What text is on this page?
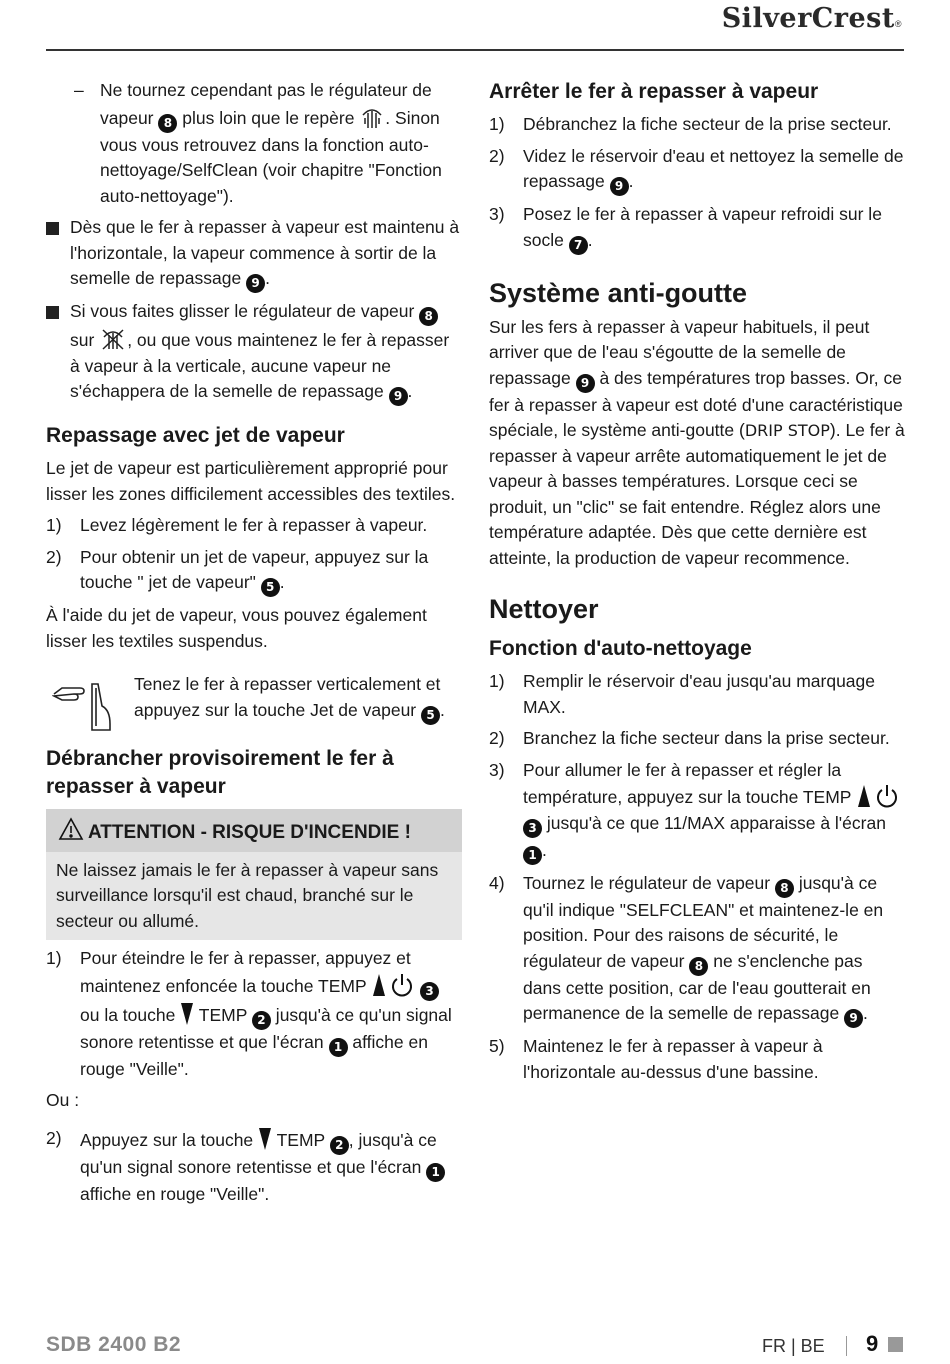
SilverCrest®
– Ne tournez cependant pas le régulateur de vapeur 8 plus loin que le repère . Sinon vous vous retrouvez dans la fonction auto-nettoyage/SelfClean (voir chapitre "Fonction auto-nettoyage").
Dès que le fer à repasser à vapeur est maintenu à l'horizontale, la vapeur commence à sortir de la semelle de repassage 9 .
Si vous faites glisser le régulateur de vapeur 8 sur , ou que vous maintenez le fer à repasser à vapeur à la verticale, aucune vapeur ne s'échappera de la semelle de repassage 9 .
Repassage avec jet de vapeur

Le jet de vapeur est particulièrement approprié pour lisser les zones difficilement accessibles des textiles.

1) Levez légèrement le fer à repasser à vapeur.
2) Pour obtenir un jet de vapeur, appuyez sur la touche " jet de vapeur" 5 .

À l'aide du jet de vapeur, vous pouvez également lisser les textiles suspendus.

Tenez le fer à repasser verticalement et appuyez sur la touche Jet de vapeur 5 .
Débrancher provisoirement le fer à repasser à vapeur
ATTENTION - RISQUE D'INCENDIE !
Ne laissez jamais le fer à repasser à vapeur sans surveillance lorsqu'il est chaud, branché sur le secteur ou allumé.
1) Pour éteindre le fer à repasser, appuyez et maintenez enfoncée la touche TEMP	3 ou la touche  TEMP 2 jusqu'à ce qu'un signal sonore retentisse et que l'écran 1 affiche en rouge "Veille".

Ou :

2) Appuyez sur la touche  TEMP 2 , jusqu'à ce qu'un signal sonore retentisse et que l'écran 1 affiche en rouge "Veille".
Arrêter le fer à repasser à vapeur
1) Débranchez la fiche secteur de la prise secteur.
2) Videz le réservoir d'eau et nettoyez la semelle de repassage 9 .
3) Posez le fer à repasser à vapeur refroidi sur le socle 7 .
Système anti-goutte

Sur les fers à repasser à vapeur habituels, il peut arriver que de l'eau s'égoutte de la semelle de repassage 9 à des températures trop basses. Or, ce fer à repasser à vapeur est doté d'une caractéristique spéciale, le système anti-goutte (DRIP STOP). Le fer à repasser à vapeur arrête automatiquement le jet de vapeur à basses températures. Lorsque ceci se produit, un "clic" se fait entendre. Réglez alors une température adaptée. Dès que cette dernière est atteinte, la production de vapeur recommence.

Nettoyer
Fonction d'auto-nettoyage
1) Remplir le réservoir d'eau jusqu'au marquage MAX.
2) Branchez la fiche secteur dans la prise secteur.
3) Pour allumer le fer à repasser et régler la température, appuyez sur la touche TEMP  3 jusqu'à ce que 11/MAX apparaisse à l'écran 1 .
4) Tournez le régulateur de vapeur 8 jusqu'à ce qu'il indique "SELFCLEAN" et maintenez-le en position. Pour des raisons de sécurité, le régulateur de vapeur 8 ne s'enclenche pas dans cette position, car de l'eau goutterait en permanence de la semelle de repassage 9 .
5) Maintenez le fer à repasser à vapeur à l'horizontale au-dessus d'une bassine.
SDB 2400 B2	FR | BE 9
